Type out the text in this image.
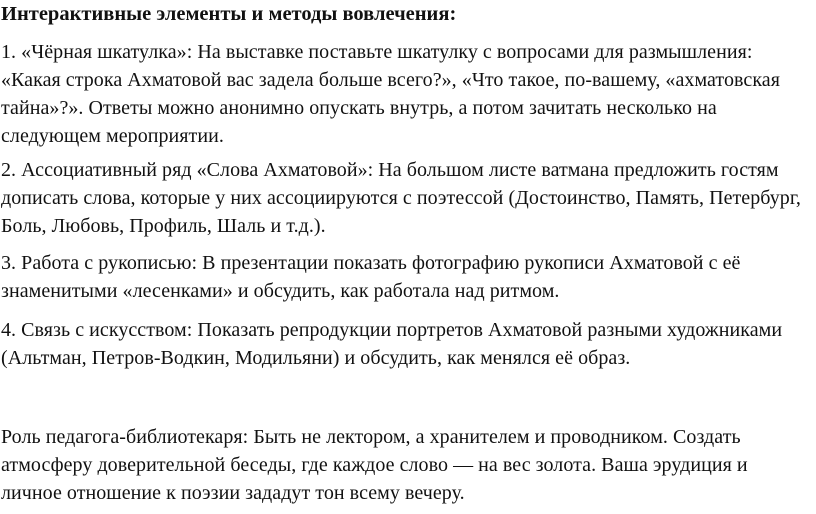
Интерактивные элементы и методы вовлечения:

1. «Чёрная шкатулка»: На выставке поставьте шкатулку с вопросами для размышления: «Какая строка Ахматовой вас задела больше всего?», «Что такое, по-вашему, «ахматовская тайна»?». Ответы можно анонимно опускать внутрь, а потом зачитать несколько на следующем мероприятии.

2. Ассоциативный ряд «Слова Ахматовой»: На большом листе ватмана предложить гостям дописать слова, которые у них ассоциируются с поэтессой (Достоинство, Память, Петербург, Боль, Любовь, Профиль, Шаль и т.д.).

3. Работа с рукописью: В презентации показать фотографию рукописи Ахматовой с её знаменитыми «лесенками» и обсудить, как работала над ритмом.

4. Связь с искусством: Показать репродукции портретов Ахматовой разными художниками (Альтман, Петров-Водкин, Модильяни) и обсудить, как менялся её образ.

Роль педагога-библиотекаря: Быть не лектором, а хранителем и проводником. Создать атмосферу доверительной беседы, где каждое слово — на вес золота. Ваша эрудиция и личное отношение к поэзии зададут тон всему вечеру.
